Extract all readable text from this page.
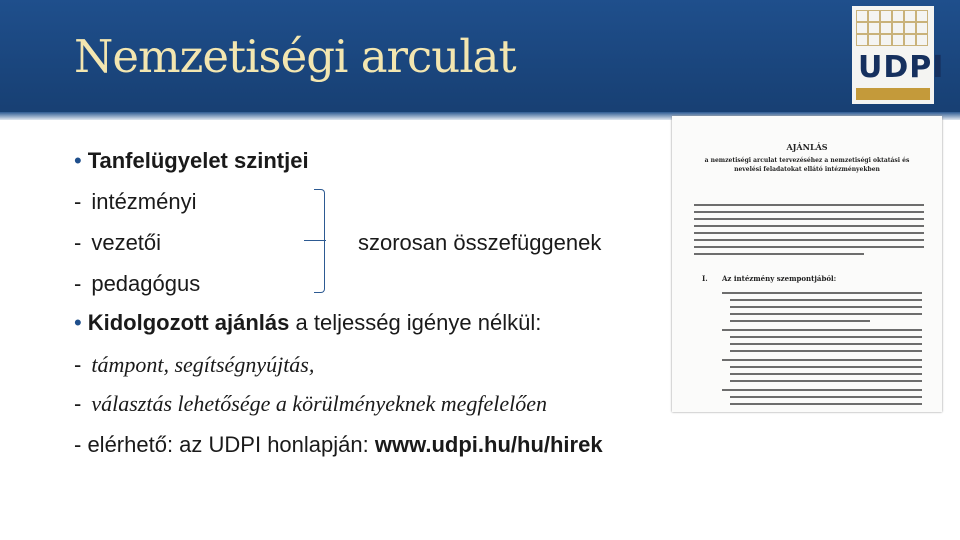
Nemzetiségi arculat	UDPI
• Tanfelügyelet szintjei
- intézményi
- vezetői	szorosan összefüggenek
- pedagógus
• Kidolgozott ajánlás a teljesség igénye nélkül:
- támpont, segítségnyújtás,
- választás lehetősége a körülményeknek megfelelően
- elérhető: az UDPI honlapján: www.udpi.hu/hu/hirek
AJÁNLÁS
a nemzetiségi arculat tervezéséhez a nemzetiségi oktatási és nevelési feladatokat ellátó intézményekben
I. Az intézmény szempontjából:
